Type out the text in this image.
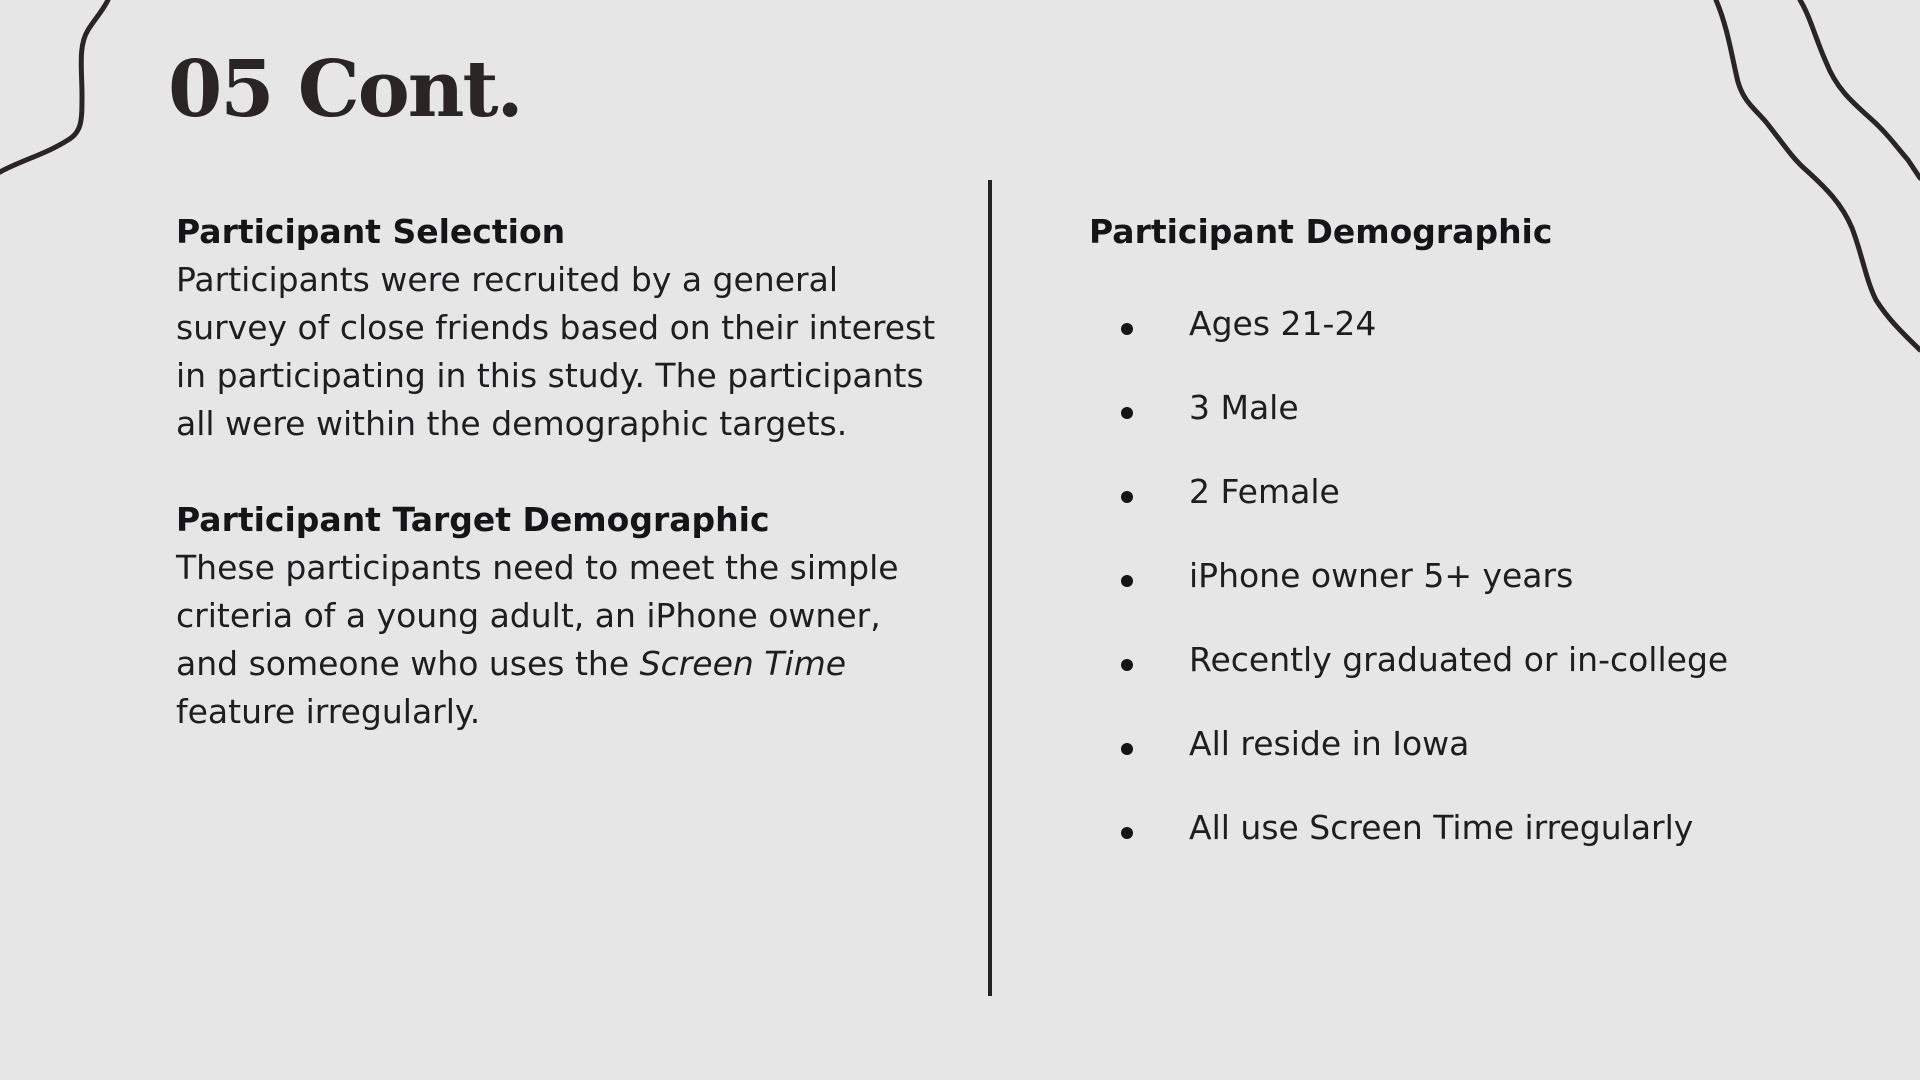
05 Cont.

Participant Selection

Participants were recruited by a general survey of close friends based on their interest in participating in this study. The participants all were within the demographic targets.

Participant Target Demographic

These participants need to meet the simple criteria of a young adult, an iPhone owner, and someone who uses the Screen Time feature irregularly.

Participant Demographic

Ages 21-24
3 Male
2 Female
iPhone owner 5+ years
Recently graduated or in-college
All reside in Iowa
All use Screen Time irregularly
